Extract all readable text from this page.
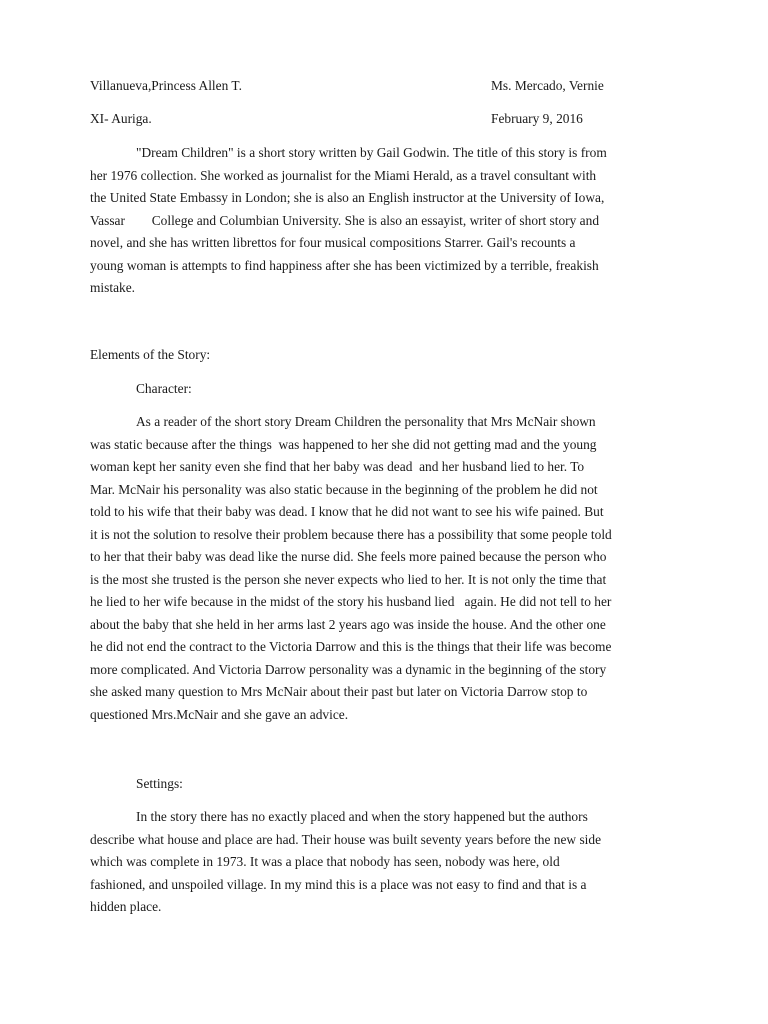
Villanueva,Princess Allen T.	Ms. Mercado, Vernie
XI- Auriga.	February 9, 2016
"Dream Children" is a short story written by Gail Godwin. The title of this story is from
her 1976 collection. She worked as journalist for the Miami Herald, as a travel consultant with
the United State Embassy in London; she is also an English instructor at the University of Iowa,
Vassar        College and Columbian University. She is also an essayist, writer of short story and
novel, and she has written librettos for four musical compositions Starrer. Gail's recounts a
young woman is attempts to find happiness after she has been victimized by a terrible, freakish
mistake.
Elements of the Story:
Character:
As a reader of the short story Dream Children the personality that Mrs McNair shown
was static because after the things  was happened to her she did not getting mad and the young
woman kept her sanity even she find that her baby was dead  and her husband lied to her. To
Mar. McNair his personality was also static because in the beginning of the problem he did not
told to his wife that their baby was dead. I know that he did not want to see his wife pained. But
it is not the solution to resolve their problem because there has a possibility that some people told
to her that their baby was dead like the nurse did. She feels more pained because the person who
is the most she trusted is the person she never expects who lied to her. It is not only the time that
he lied to her wife because in the midst of the story his husband lied   again. He did not tell to her
about the baby that she held in her arms last 2 years ago was inside the house. And the other one
he did not end the contract to the Victoria Darrow and this is the things that their life was become
more complicated. And Victoria Darrow personality was a dynamic in the beginning of the story
she asked many question to Mrs McNair about their past but later on Victoria Darrow stop to
questioned Mrs.McNair and she gave an advice.
Settings:
In the story there has no exactly placed and when the story happened but the authors
describe what house and place are had. Their house was built seventy years before the new side
which was complete in 1973. It was a place that nobody has seen, nobody was here, old
fashioned, and unspoiled village. In my mind this is a place was not easy to find and that is a
hidden place.
